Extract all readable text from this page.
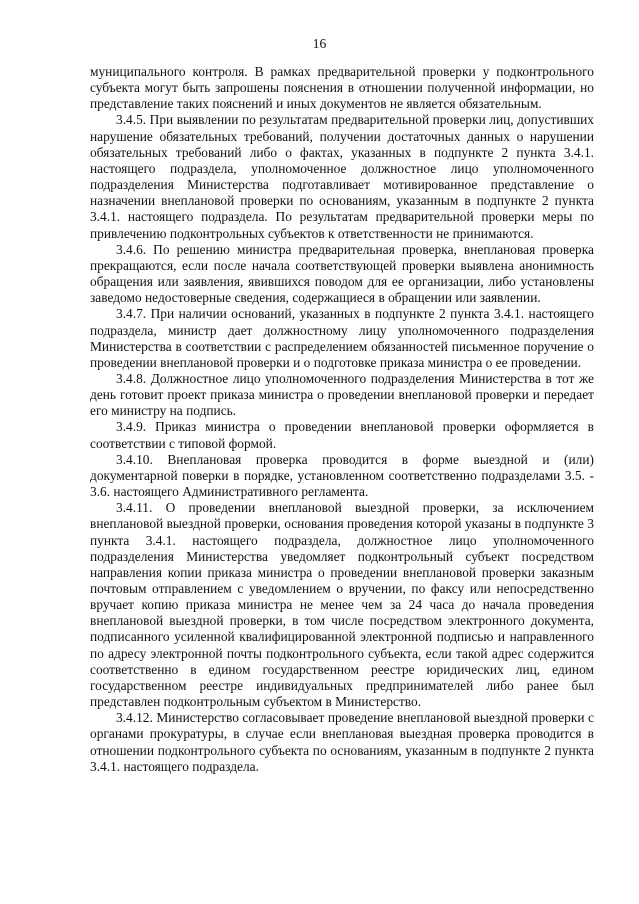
16

муниципального контроля. В рамках предварительной проверки у подконтрольного субъекта могут быть запрошены пояснения в отношении полученной информации, но представление таких пояснений и иных документов не является обязательным.

3.4.5. При выявлении по результатам предварительной проверки лиц, допустивших нарушение обязательных требований, получении достаточных данных о нарушении обязательных требований либо о фактах, указанных в подпункте 2 пункта 3.4.1. настоящего подраздела, уполномоченное должностное лицо уполномоченного подразделения Министерства подготавливает мотивированное представление о назначении внеплановой проверки по основаниям, указанным в подпункте 2 пункта 3.4.1. настоящего подраздела. По результатам предварительной проверки меры по привлечению подконтрольных субъектов к ответственности не принимаются.

3.4.6. По решению министра предварительная проверка, внеплановая проверка прекращаются, если после начала соответствующей проверки выявлена анонимность обращения или заявления, явившихся поводом для ее организации, либо установлены заведомо недостоверные сведения, содержащиеся в обращении или заявлении.

3.4.7. При наличии оснований, указанных в подпункте 2 пункта 3.4.1. настоящего подраздела, министр дает должностному лицу уполномоченного подразделения Министерства в соответствии с распределением обязанностей письменное поручение о проведении внеплановой проверки и о подготовке приказа министра о ее проведении.

3.4.8. Должностное лицо уполномоченного подразделения Министерства в тот же день готовит проект приказа министра о проведении внеплановой проверки и передает его министру на подпись.

3.4.9. Приказ министра о проведении внеплановой проверки оформляется в соответствии с типовой формой.

3.4.10. Внеплановая проверка проводится в форме выездной и (или) документарной поверки в порядке, установленном соответственно подразделами 3.5. - 3.6. настоящего Административного регламента.

3.4.11. О проведении внеплановой выездной проверки, за исключением внеплановой выездной проверки, основания проведения которой указаны в подпункте 3 пункта 3.4.1. настоящего подраздела, должностное лицо уполномоченного подразделения Министерства уведомляет подконтрольный субъект посредством направления копии приказа министра о проведении внеплановой проверки заказным почтовым отправлением с уведомлением о вручении, по факсу или непосредственно вручает копию приказа министра не менее чем за 24 часа до начала проведения внеплановой выездной проверки, в том числе посредством электронного документа, подписанного усиленной квалифицированной электронной подписью и направленного по адресу электронной почты подконтрольного субъекта, если такой адрес содержится соответственно в едином государственном реестре юридических лиц, едином государственном реестре индивидуальных предпринимателей либо ранее был представлен подконтрольным субъектом в Министерство.

3.4.12. Министерство согласовывает проведение внеплановой выездной проверки с органами прокуратуры, в случае если внеплановая выездная проверка проводится в отношении подконтрольного субъекта по основаниям, указанным в подпункте 2 пункта 3.4.1. настоящего подраздела.
